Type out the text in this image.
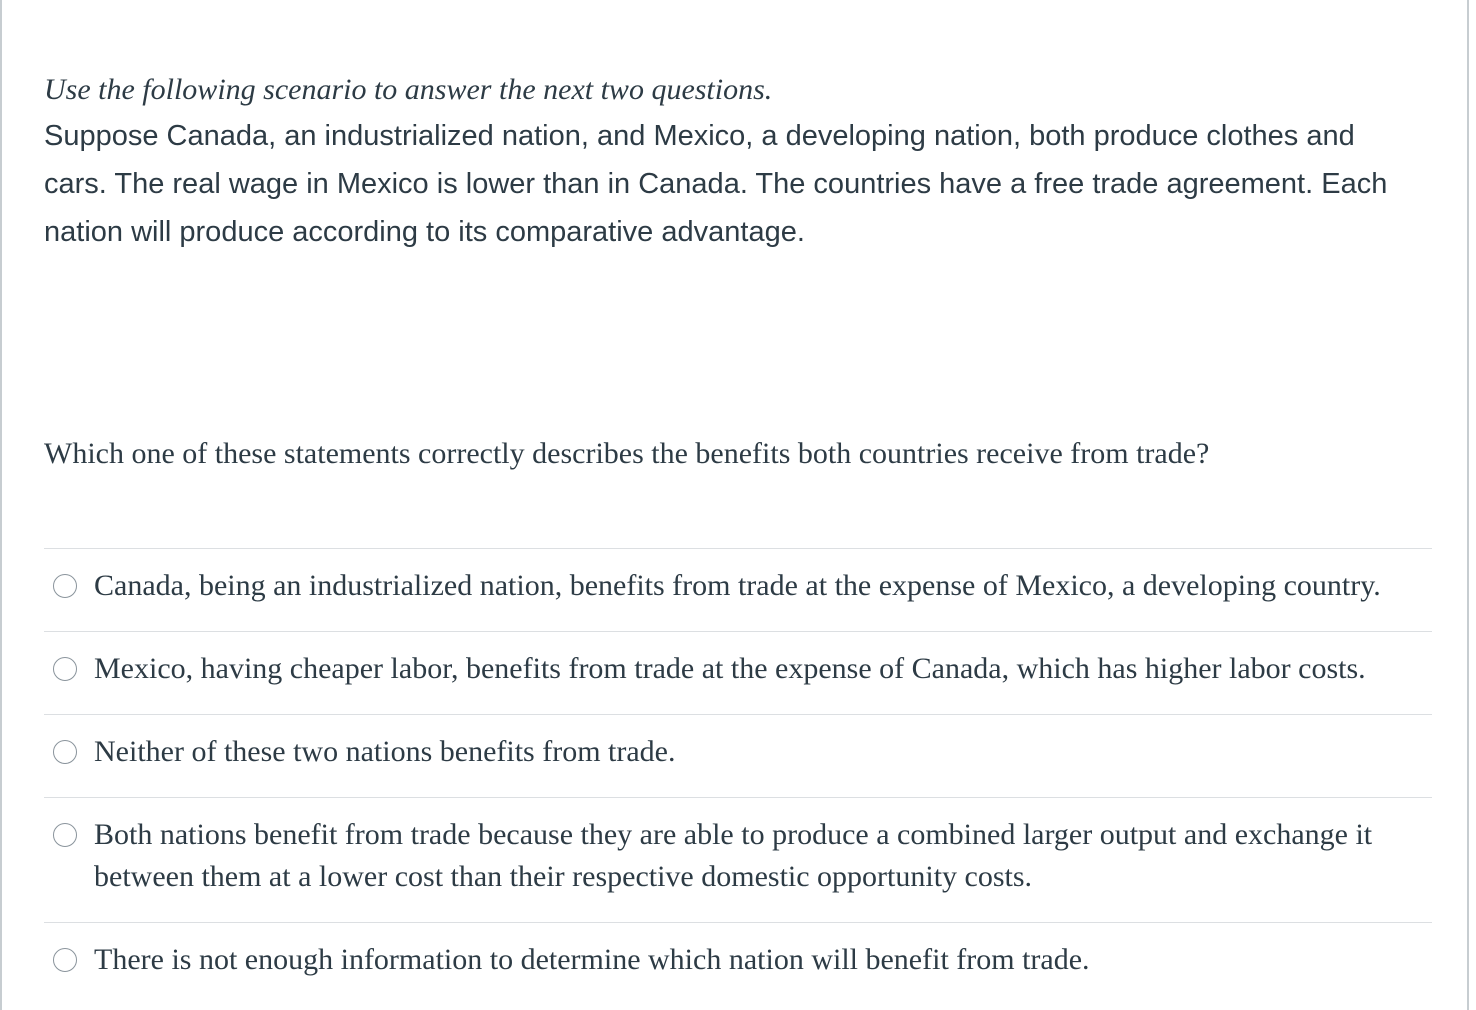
Use the following scenario to answer the next two questions.

Suppose Canada, an industrialized nation, and Mexico, a developing nation, both produce clothes and cars. The real wage in Mexico is lower than in Canada. The countries have a free trade agreement. Each nation will produce according to its comparative advantage.

Which one of these statements correctly describes the benefits both countries receive from trade?

Canada, being an industrialized nation, benefits from trade at the expense of Mexico, a developing country.
Mexico, having cheaper labor, benefits from trade at the expense of Canada, which has higher labor costs.
Neither of these two nations benefits from trade.
Both nations benefit from trade because they are able to produce a combined larger output and exchange it between them at a lower cost than their respective domestic opportunity costs.
There is not enough information to determine which nation will benefit from trade.
